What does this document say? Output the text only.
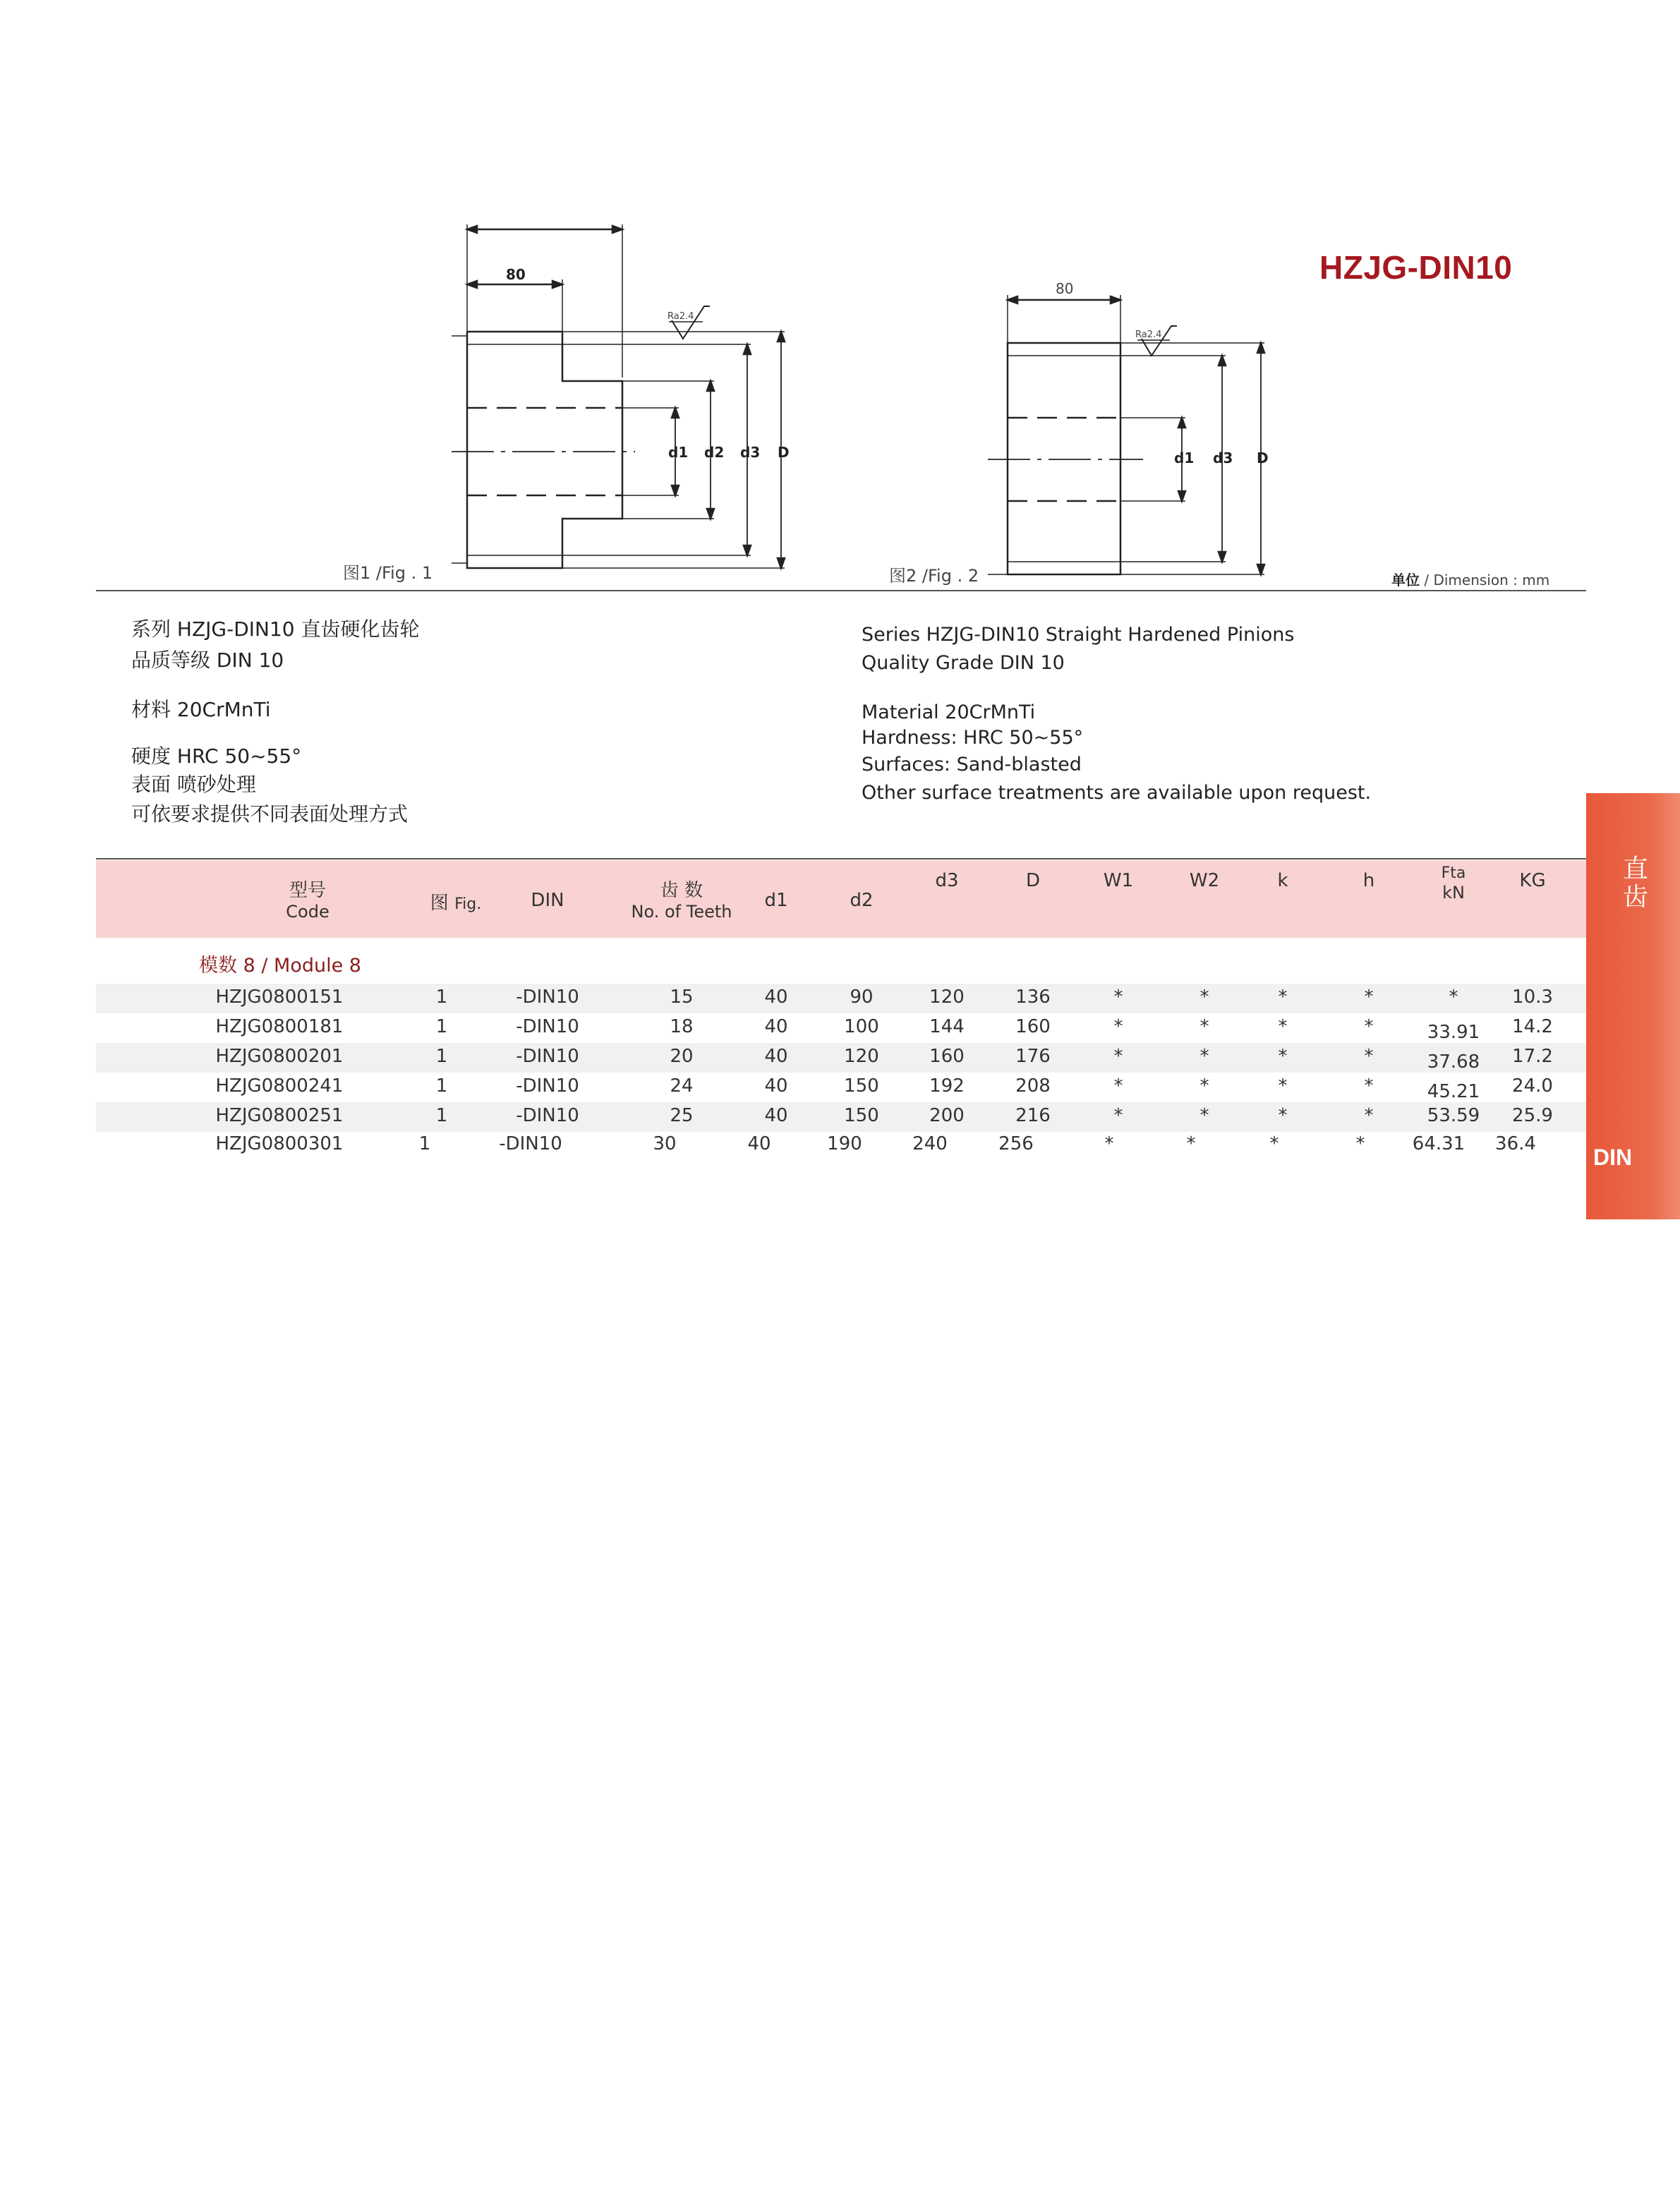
HZJG-DIN10
80
d1 d2 d3 D
Ra2.4
d1 d3 D
80
Ra2.4
图1 /Fig . 1	图2 /Fig . 2	单位 / Dimension : mm
系列 HZJG-DIN10 直齿硬化齿轮
品质等级 DIN 10
材料 20CrMnTi
硬度 HRC 50~55°
表面 喷砂处理
可依要求提供不同表面处理方式
Series HZJG-DIN10 Straight Hardened Pinions
Quality Grade DIN 10
Material 20CrMnTi
Hardness: HRC 50~55°
Surfaces: Sand-blasted
Other surface treatments are available upon request.
型号
Code	图 Fig.	DIN	齿 数
No. of Teeth
d1	d2
d3	D	W1	W2	k	h	Fta
kN
KG
模数 8 / Module 8
HZJG0800151	1	-DIN10	15	40	90	120	136	*	*	*	*	*	10.3
HZJG0800181	1	-DIN10	18	40	100	144	160	*	*	*	*	33.91	14.2
HZJG0800201	1	-DIN10	20	40	120	160	176	*	*	*	*	37.68	17.2
HZJG0800241	1	-DIN10	24	40	150	192	208	*	*	*	*	45.21	24.0
HZJG0800251	1	-DIN10	25	40	150	200	216	*	*	*	*	53.59	25.9
HZJG0800301	1	-DIN10	30	40	190	240	256	*	*	*	*	64.31	36.4
直齿
DIN
